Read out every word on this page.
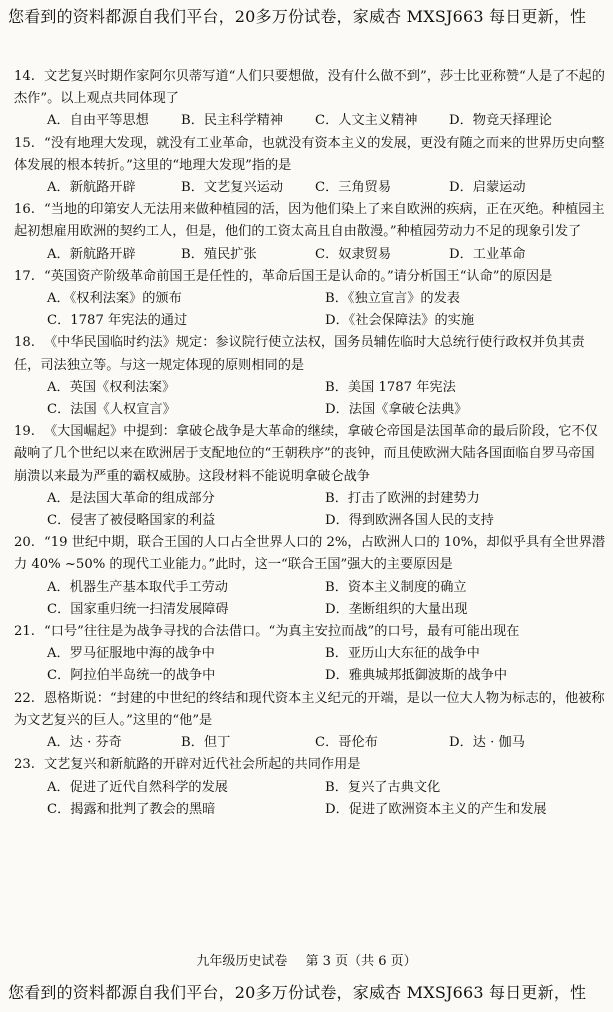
您看到的资料都源自我们平台，20多万份试卷，家威杏 MXSJ663 每日更新，性

14. 文艺复兴时期作家阿尔贝蒂写道“人们只要想做，没有什么做不到”，莎士比亚称赞“人是了不起的杰作”。以上观点共同体现了

A．自由平等思想	B．民主科学精神	C．人文主义精神	D．物竞天择理论

15. “没有地理大发现，就没有工业革命，也就没有资本主义的发展，更没有随之而来的世界历史向整体发展的根本转折。”这里的“地理大发现”指的是

A．新航路开辟	B．文艺复兴运动	C．三角贸易	D．启蒙运动

16. “当地的印第安人无法用来做种植园的活，因为他们染上了来自欧洲的疾病，正在灭绝。种植园主起初想雇用欧洲的契约工人，但是，他们的工资太高且自由散漫。”种植园劳动力不足的现象引发了

A．新航路开辟	B．殖民扩张	C．奴隶贸易	D．工业革命

17. “英国资产阶级革命前国王是任性的，革命后国王是认命的。”请分析国王“认命”的原因是

A．《权利法案》的颁布	B．《独立宣言》的发表
C．1787 年宪法的通过	D．《社会保障法》的实施

18. 《中华民国临时约法》规定：参议院行使立法权，国务员辅佐临时大总统行使行政权并负其责任，司法独立等。与这一规定体现的原则相同的是

A．英国《权利法案》	B．美国 1787 年宪法
C．法国《人权宣言》	D．法国《拿破仑法典》

19. 《大国崛起》中提到：拿破仑战争是大革命的继续，拿破仑帝国是法国革命的最后阶段，它不仅敲响了几个世纪以来在欧洲居于支配地位的“王朝秩序”的丧钟，而且使欧洲大陆各国面临自罗马帝国崩溃以来最为严重的霸权威胁。这段材料不能说明拿破仑战争

A．是法国大革命的组成部分	B．打击了欧洲的封建势力
C．侵害了被侵略国家的利益	D．得到欧洲各国人民的支持

20. “19 世纪中期，联合王国的人口占全世界人口的 2%，占欧洲人口的 10%，却似乎具有全世界潜力 40% ~50% 的现代工业能力。”此时，这一“联合王国”强大的主要原因是

A．机器生产基本取代手工劳动	B．资本主义制度的确立
C．国家重归统一扫清发展障碍	D．垄断组织的大量出现

21. “口号”往往是为战争寻找的合法借口。“为真主安拉而战”的口号，最有可能出现在

A．罗马征服地中海的战争中	B．亚历山大东征的战争中
C．阿拉伯半岛统一的战争中	D．雅典城邦抵御波斯的战争中

22. 恩格斯说：“封建的中世纪的终结和现代资本主义纪元的开端，是以一位大人物为标志的，他被称为文艺复兴的巨人。”这里的“他”是

A．达 · 芬奇	B．但丁	C．哥伦布	D．达 · 伽马

23. 文艺复兴和新航路的开辟对近代社会所起的共同作用是

A．促进了近代自然科学的发展	B．复兴了古典文化
C．揭露和批判了教会的黑暗	D．促进了欧洲资本主义的产生和发展
九年级历史试卷 第 3 页（共 6 页）
您看到的资料都源自我们平台，20多万份试卷，家威杏 MXSJ663 每日更新，性
